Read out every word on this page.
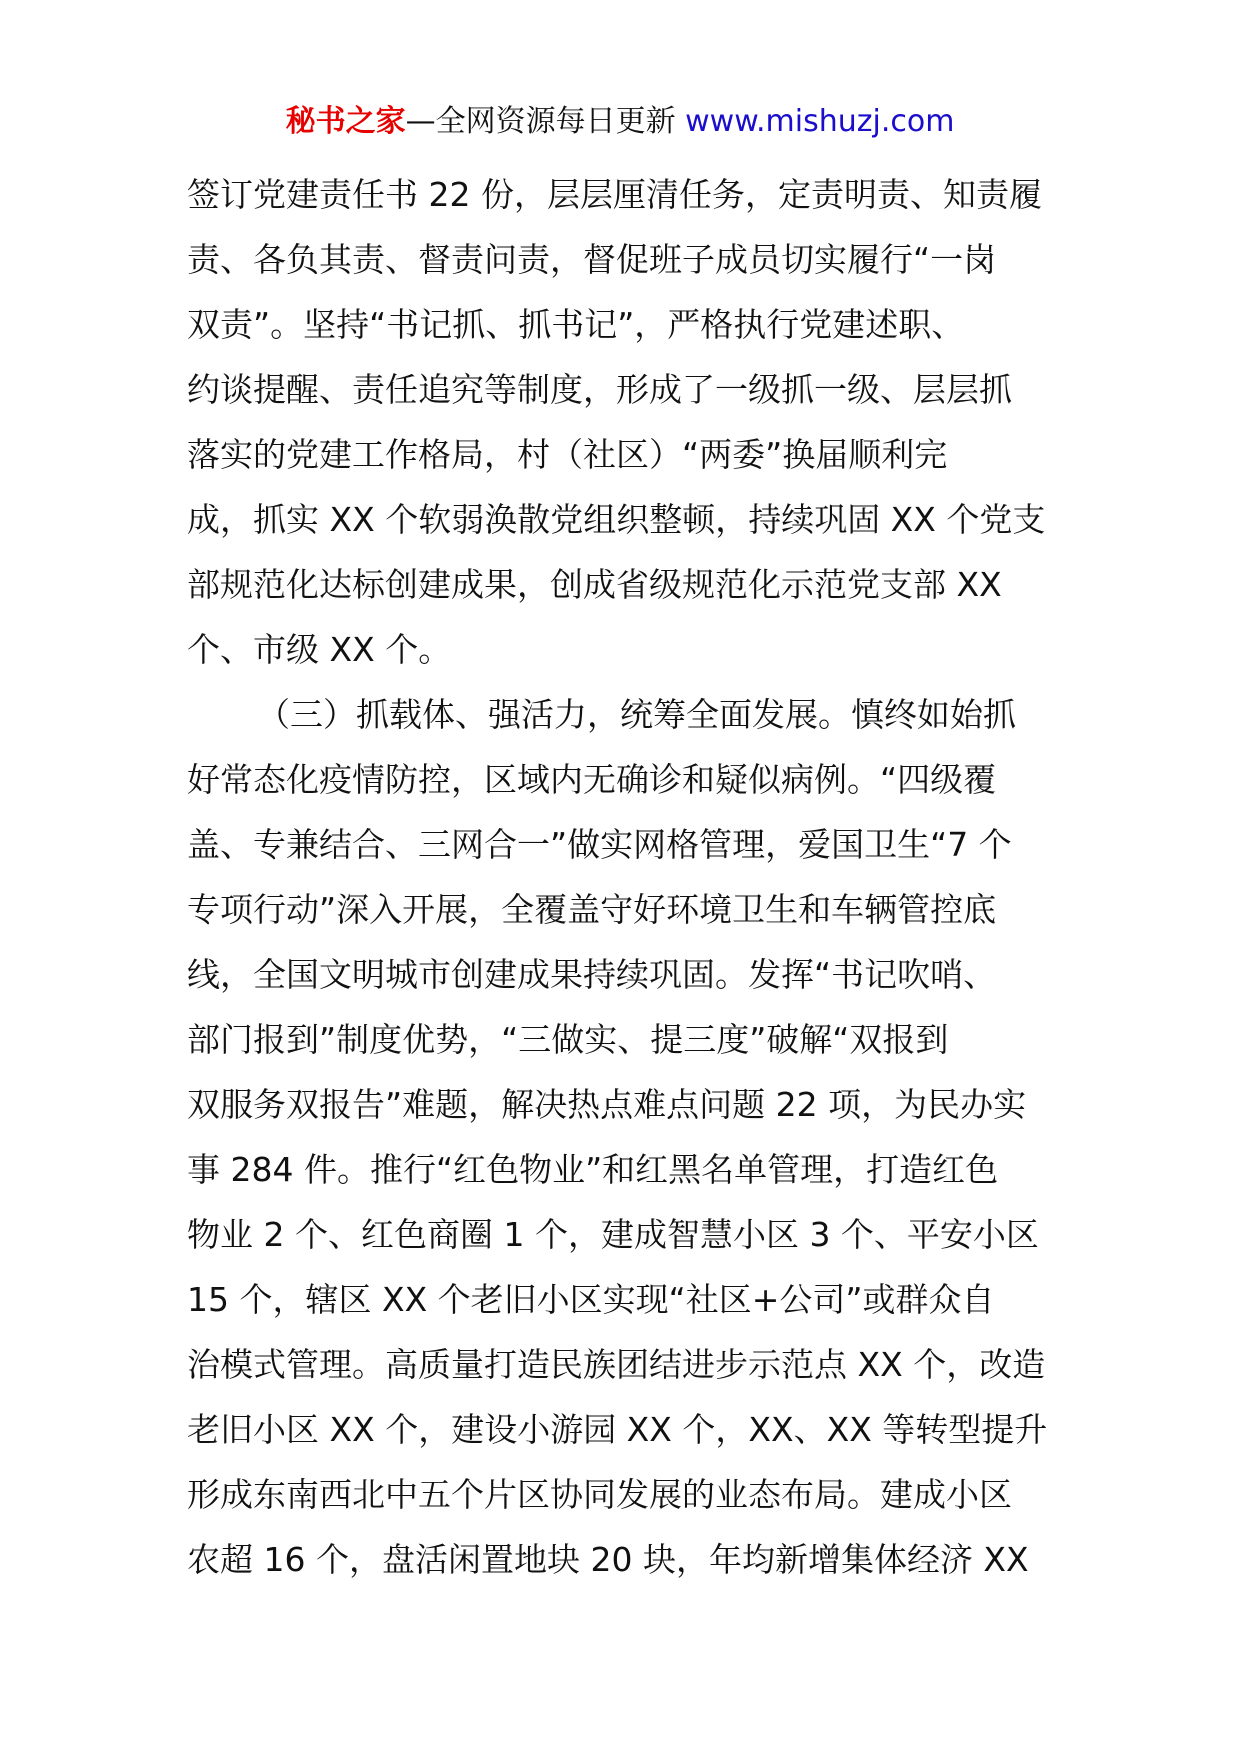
秘书之家—全网资源每日更新 www.mishuzj.com
签订党建责任书 22 份，层层厘清任务，定责明责、知责履
责、各负其责、督责问责，督促班子成员切实履行“一岗
双责”。坚持“书记抓、抓书记”，严格执行党建述职、
约谈提醒、责任追究等制度，形成了一级抓一级、层层抓
落实的党建工作格局，村（社区）“两委”换届顺利完
成，抓实 XX 个软弱涣散党组织整顿，持续巩固 XX 个党支
部规范化达标创建成果，创成省级规范化示范党支部 XX
个、市级 XX 个。
（三）抓载体、强活力，统筹全面发展。慎终如始抓
好常态化疫情防控，区域内无确诊和疑似病例。“四级覆
盖、专兼结合、三网合一”做实网格管理，爱国卫生“7 个
专项行动”深入开展，全覆盖守好环境卫生和车辆管控底
线，全国文明城市创建成果持续巩固。发挥“书记吹哨、
部门报到”制度优势，“三做实、提三度”破解“双报到
双服务双报告”难题，解决热点难点问题 22 项，为民办实
事 284 件。推行“红色物业”和红黑名单管理，打造红色
物业 2 个、红色商圈 1 个，建成智慧小区 3 个、平安小区
15 个，辖区 XX 个老旧小区实现“社区+公司”或群众自
治模式管理。高质量打造民族团结进步示范点 XX 个，改造
老旧小区 XX 个，建设小游园 XX 个，XX、XX 等转型提升
形成东南西北中五个片区协同发展的业态布局。建成小区
农超 16 个，盘活闲置地块 20 块，年均新增集体经济 XX
